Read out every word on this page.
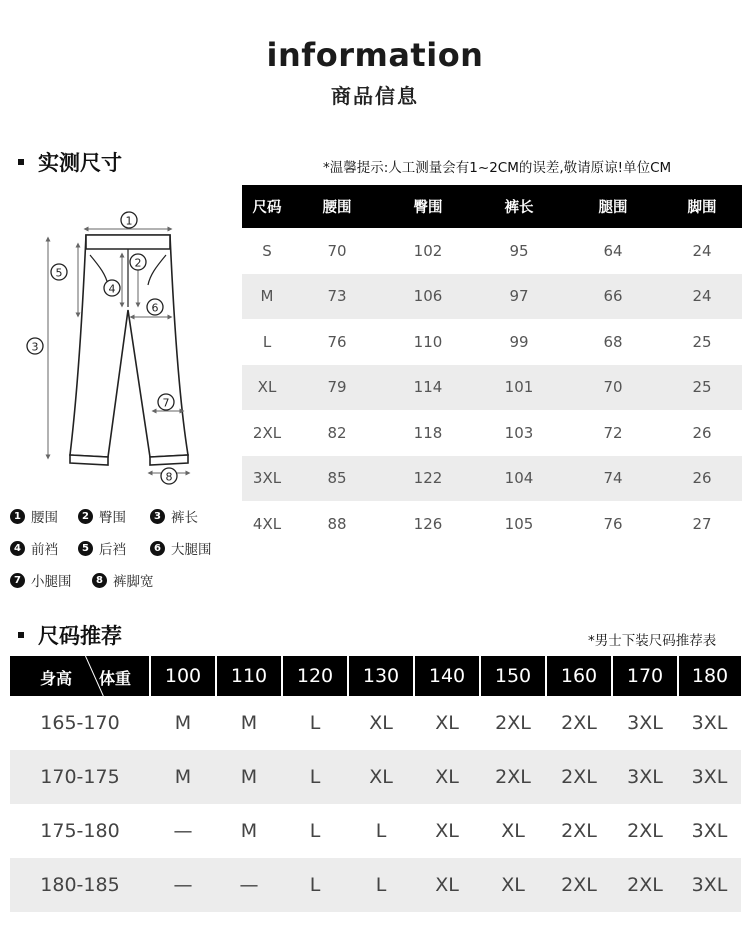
information
商品信息
实测尺寸	*温馨提示:人工测量会有1~2CM的误差,敬请原谅!单位CM
1
2
3
4
5
6
7
8
1 腰围	2 臀围	3 裤长
4 前裆	5 后裆	6 大腿围
7 小腿围	8 裤脚宽
尺码	腰围	臀围	裤长	腿围	脚围
S	70	102	95	64	24
M	73	106	97	66	24
L	76	110	99	68	25
XL	79	114	101	70	25
2XL	82	118	103	72	26
3XL	85	122	104	74	26
4XL	88	126	105	76	27
尺码推荐	*男士下装尺码推荐表
身高 体重	100	110	120	130	140	150	160	170	180
165-170	M	M	L	XL	XL	2XL	2XL	3XL	3XL
170-175	M	M	L	XL	XL	2XL	2XL	3XL	3XL
175-180	—	M	L	L	XL	XL	2XL	2XL	3XL
180-185	—	—	L	L	XL	XL	2XL	2XL	3XL
